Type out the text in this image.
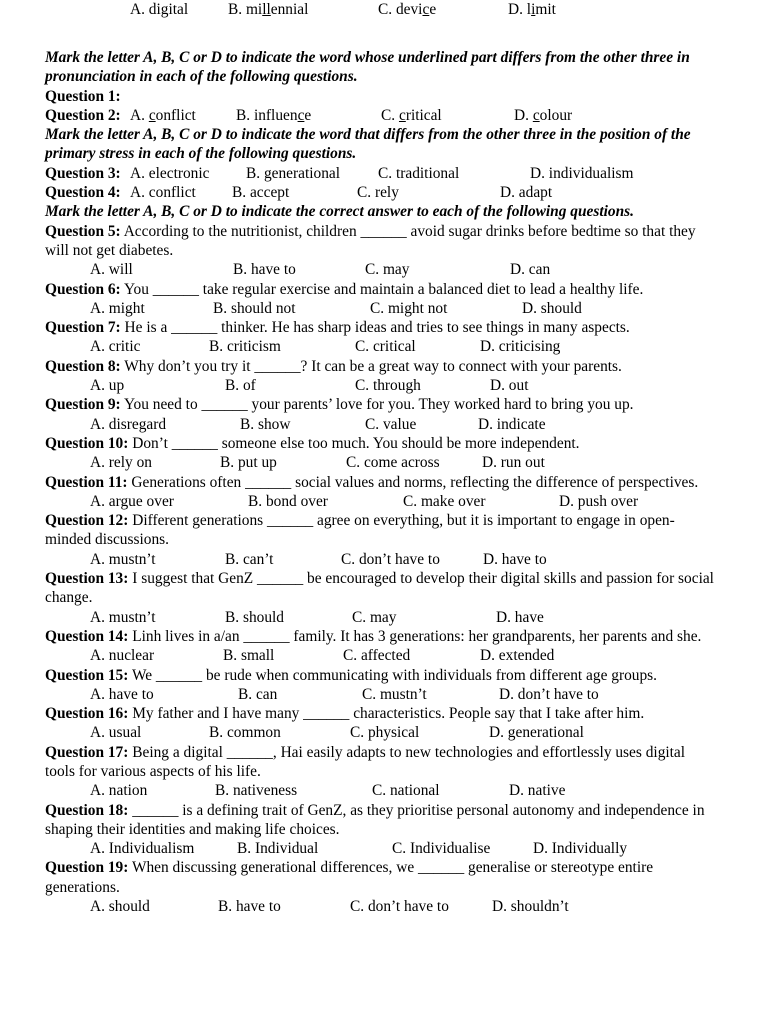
Mark the letter A, B, C or D to indicate the word whose underlined part differs from the other three in pronunciation in each of the following questions.
Question 1:
A. digital	B. millennial	C. device	D. limit
Question 2: A. conflict	B. influence	C. critical	D. colour
Mark the letter A, B, C or D to indicate the word that differs from the other three in the position of the primary stress in each of the following questions.
Question 3: A. electronic B. generational C. traditional	D. individualism
Question 4: A. conflict B. accept	C. rely	D. adapt
Mark the letter A, B, C or D to indicate the correct answer to each of the following questions.
Question 5: According to the nutritionist, children ______ avoid sugar drinks before bedtime so that they will not get diabetes.
A. will	B. have to	C. may	D. can
Question 6: You ______ take regular exercise and maintain a balanced diet to lead a healthy life.
A. might	B. should not	C. might not	D. should
Question 7: He is a ______ thinker. He has sharp ideas and tries to see things in many aspects.
A. critic	B. criticism	C. critical	D. criticising
Question 8: Why don’t you try it ______? It can be a great way to connect with your parents.
A. up	B. of	C. through	D. out
Question 9: You need to ______ your parents’ love for you. They worked hard to bring you up.
A. disregard	B. show	C. value	D. indicate
Question 10: Don’t ______ someone else too much. You should be more independent.
A. rely on	B. put up	C. come across	D. run out
Question 11: Generations often ______ social values and norms, reflecting the difference of perspectives.
A. argue over	B. bond over	C. make over	D. push over
Question 12: Different generations ______ agree on everything, but it is important to engage in open-minded discussions.
A. mustn’t	B. can’t	C. don’t have to	D. have to
Question 13: I suggest that GenZ ______ be encouraged to develop their digital skills and passion for social change.
A. mustn’t	B. should	C. may	D. have
Question 14: Linh lives in a/an ______ family. It has 3 generations: her grandparents, her parents and she.
A. nuclear	B. small	C. affected	D. extended
Question 15: We ______ be rude when communicating with individuals from different age groups.
A. have to	B. can	C. mustn’t	D. don’t have to
Question 16: My father and I have many ______ characteristics. People say that I take after him.
A. usual	B. common	C. physical	D. generational
Question 17: Being a digital ______, Hai easily adapts to new technologies and effortlessly uses digital tools for various aspects of his life.
A. nation	B. nativeness	C. national	D. native
Question 18: ______ is a defining trait of GenZ, as they prioritise personal autonomy and independence in shaping their identities and making life choices.
A. Individualism	B. Individual	C. Individualise	D. Individually
Question 19: When discussing generational differences, we ______ generalise or stereotype entire generations.
A. should	B. have to	C. don’t have to	D. shouldn’t
